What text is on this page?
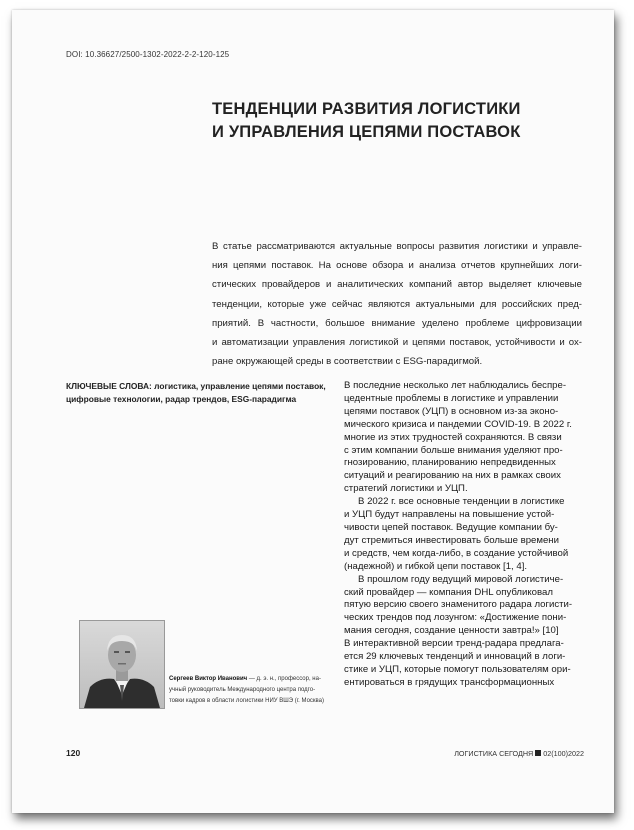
DOI: 10.36627/2500-1302-2022-2-2-120-125
ТЕНДЕНЦИИ РАЗВИТИЯ ЛОГИСТИКИ
И УПРАВЛЕНИЯ ЦЕПЯМИ ПОСТАВОК
В статье рассматриваются актуальные вопросы развития логистики и управле-
ния цепями поставок. На основе обзора и анализа отчетов крупнейших логи-
стических провайдеров и аналитических компаний автор выделяет ключевые
тенденции, которые уже сейчас являются актуальными для российских пред-
приятий. В частности, большое внимание уделено проблеме цифровизации
и автоматизации управления логистикой и цепями поставок, устойчивости и ох-
ране окружающей среды в соответствии с ESG-парадигмой.
КЛЮЧЕВЫЕ СЛОВА: логистика, управление цепями поставок,
цифровые технологии, радар трендов, ESG-парадигма
В последние несколько лет наблюдались беспре-
цедентные проблемы в логистике и управлении
цепями поставок (УЦП) в основном из-за эконо-
мического кризиса и пандемии COVID-19. В 2022 г.
многие из этих трудностей сохраняются. В связи
с этим компании больше внимания уделяют про-
гнозированию, планированию непредвиденных
ситуаций и реагированию на них в рамках своих
стратегий логистики и УЦП.
В 2022 г. все основные тенденции в логистике
и УЦП будут направлены на повышение устой-
чивости цепей поставок. Ведущие компании бу-
дут стремиться инвестировать больше времени
и средств, чем когда-либо, в создание устойчивой
(надежной) и гибкой цепи поставок [1, 4].
В прошлом году ведущий мировой логистиче-
ский провайдер — компания DHL опубликовал
пятую версию своего знаменитого радара логисти-
ческих трендов под лозунгом: «Достижение пони-
мания сегодня, создание ценности завтра!» [10]
В интерактивной версии тренд-радара предлага-
ется 29 ключевых тенденций и инноваций в логи-
стике и УЦП, которые помогут пользователям ори-
ентироваться в грядущих трансформационных
Сергеев Виктор Иванович — д. э. н., профессор, на-
учный руководитель Международного центра подго-
товки кадров в области логистики НИУ ВШЭ (г. Москва)
120	ЛОГИСТИКА СЕГОДНЯ 02(100)2022
